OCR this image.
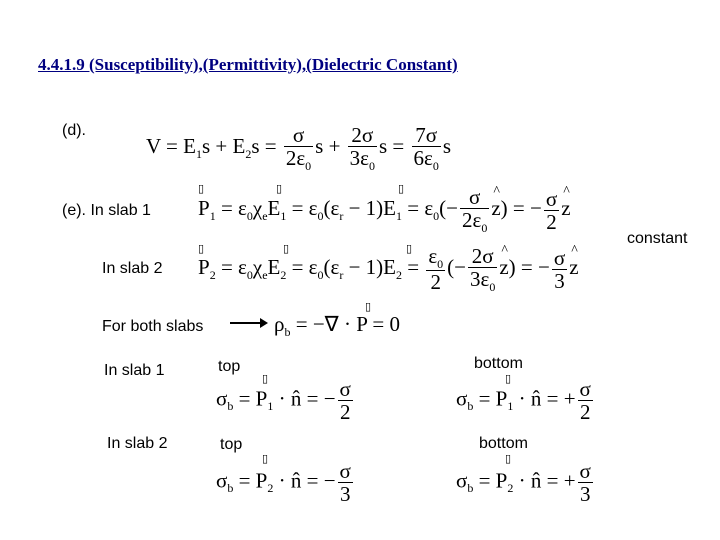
4.4.1.9 (Susceptibility),(Permittivity),(Dielectric Constant)
(d).
$V = E_1s + E_2s = \frac{\sigma}{2\varepsilon_0}$ $s + \frac{2\sigma}{3\varepsilon_0}$ $s = \frac{7\sigma}{6\varepsilon_0}$ s
(e). In slab 1
▯	▯	▯
$P_1 = \varepsilon_0\chi_eE_1 = \varepsilon_0(\varepsilon_r - 1)E_1 = \varepsilon_0(- \frac{\sigma}{2\varepsilon_0}$ ^ z) = − $\frac{\sigma}{2}$ ^ z
constant
In slab 2
▯	▯	▯
$P_2 = \varepsilon_0\chi_eE_2 = \varepsilon_0(\varepsilon_r - 1)E_2 = \frac{\varepsilon_0}{2}$ (− $\frac{2\sigma}{3\varepsilon_0}$ ^ z) = − $\frac{\sigma}{3}$ ^ z
For both slabs
▯
$\rho_b$ = −∇ · P = 0
In slab 1	top	bottom
▯	▯
$\sigma_b = P_1$ · n̂ = − $\frac{\sigma}{2}$	$\sigma_b = P_1$ · n̂ = + $\frac{\sigma}{2}$
In slab 2	top	bottom
▯	▯
$\sigma_b = P_2$ · n̂ = − $\frac{\sigma}{3}$	$\sigma_b = P_2$ · n̂ = + $\frac{\sigma}{3}$
